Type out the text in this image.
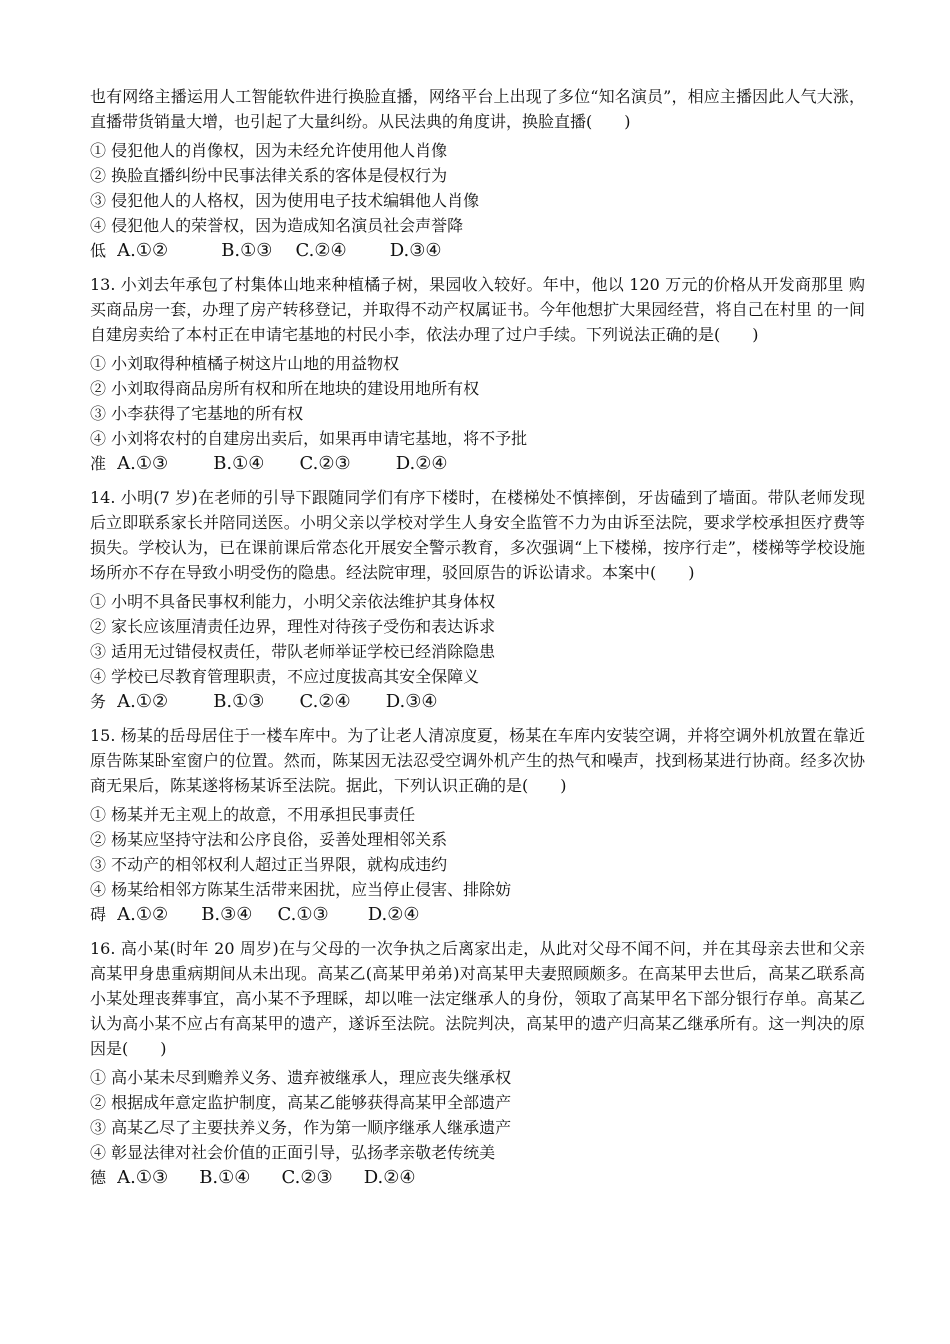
也有网络主播运用人工智能软件进行换脸直播，网络平台上出现了多位“知名演员”，相应主播因此人气大涨，直播带货销量大增，也引起了大量纠纷。从民法典的角度讲，换脸直播(　　)

① 侵犯他人的肖像权，因为未经允许使用他人肖像

② 换脸直播纠纷中民事法律关系的客体是侵权行为

③ 侵犯他人的人格权，因为使用电子技术编辑他人肖像

④ 侵犯他人的荣誉权，因为造成知名演员社会声誉降

低 A.①②	B.①③ C.②④ D.③④

13. 小刘去年承包了村集体山地来种植橘子树，果园收入较好。年中，他以 120 万元的价格从开发商那里 购买商品房一套，办理了房产转移登记，并取得不动产权属证书。今年他想扩大果园经营，将自己在村里 的一间自建房卖给了本村正在申请宅基地的村民小李，依法办理了过户手续。下列说法正确的是(　　)

① 小刘取得种植橘子树这片山地的用益物权

② 小刘取得商品房所有权和所在地块的建设用地所有权

③ 小李获得了宅基地的所有权

④ 小刘将农村的自建房出卖后，如果再申请宅基地，将不予批

准 A.①③	B.①④ C.②③	D.②④

14. 小明(7 岁)在老师的引导下跟随同学们有序下楼时，在楼梯处不慎摔倒，牙齿磕到了墙面。带队老师发现后立即联系家长并陪同送医。小明父亲以学校对学生人身安全监管不力为由诉至法院，要求学校承担医疗费等损失。学校认为，已在课前课后常态化开展安全警示教育，多次强调“上下楼梯，按序行走”，楼梯等学校设施场所亦不存在导致小明受伤的隐患。经法院审理，驳回原告的诉讼请求。本案中(　　)

① 小明不具备民事权利能力，小明父亲依法维护其身体权

② 家长应该厘清责任边界，理性对待孩子受伤和表达诉求

③ 适用无过错侵权责任，带队老师举证学校已经消除隐患

④ 学校已尽教育管理职责，不应过度拔高其安全保障义

务 A.①②	B.①③ C.②④ D.③④

15. 杨某的岳母居住于一楼车库中。为了让老人清凉度夏，杨某在车库内安装空调，并将空调外机放置在靠近原告陈某卧室窗户的位置。然而，陈某因无法忍受空调外机产生的热气和噪声，找到杨某进行协商。经多次协商无果后，陈某遂将杨某诉至法院。据此，下列认识正确的是(　　)

① 杨某并无主观上的故意，不用承担民事责任

② 杨某应坚持守法和公序良俗，妥善处理相邻关系

③ 不动产的相邻权利人超过正当界限，就构成违约

④ 杨某给相邻方陈某生活带来困扰，应当停止侵害、排除妨

碍 A.①② B.③④ C.①③ D.②④

16. 高小某(时年 20 周岁)在与父母的一次争执之后离家出走，从此对父母不闻不问，并在其母亲去世和父亲高某甲身患重病期间从未出现。高某乙(高某甲弟弟)对高某甲夫妻照顾颇多。在高某甲去世后，高某乙联系高小某处理丧葬事宜，高小某不予理睬，却以唯一法定继承人的身份，领取了高某甲名下部分银行存单。高某乙认为高小某不应占有高某甲的遗产，遂诉至法院。法院判决，高某甲的遗产归高某乙继承所有。这一判决的原因是(　　)

① 高小某未尽到赡养义务、遗弃被继承人，理应丧失继承权

② 根据成年意定监护制度，高某乙能够获得高某甲全部遗产

③ 高某乙尽了主要扶养义务，作为第一顺序继承人继承遗产

④ 彰显法律对社会价值的正面引导，弘扬孝亲敬老传统美

德 A.①③ B.①④ C.②③ D.②④
